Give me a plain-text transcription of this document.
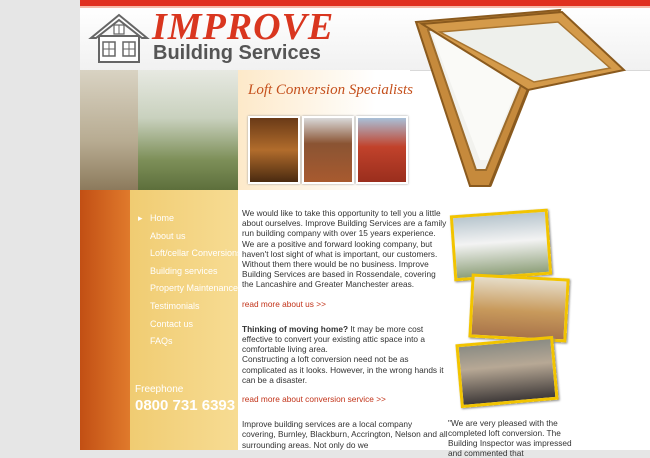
IMPROVE
Building Services
Loft Conversion Specialists
▸ Home
About us
Loft/cellar Conversions
Building services
Property Maintenance
Testimonials
Contact us
FAQs
Freephone
0800 731 6393

We would like to take this opportunity to tell you a little about ourselves. Improve Building Services are a family run building company with over 15 years experience. We are a positive and forward looking company, but haven't lost sight of what is important, our customers. Without them there would be no business. Improve Building Services are based in Rossendale, covering the Lancashire and Greater Manchester areas.

read more about us >>

Thinking of moving home? It may be more cost effective to convert your existing attic space into a comfortable living area.

Constructing a loft conversion need not be as complicated as it looks. However, in the wrong hands it can be a disaster.

read more about conversion service >>

Improve building services are a local company covering, Burnley, Blackburn, Accrington, Nelson and all surrounding areas. Not only do we

"We are very pleased with the completed loft conversion. The Building Inspector was impressed and commented that
